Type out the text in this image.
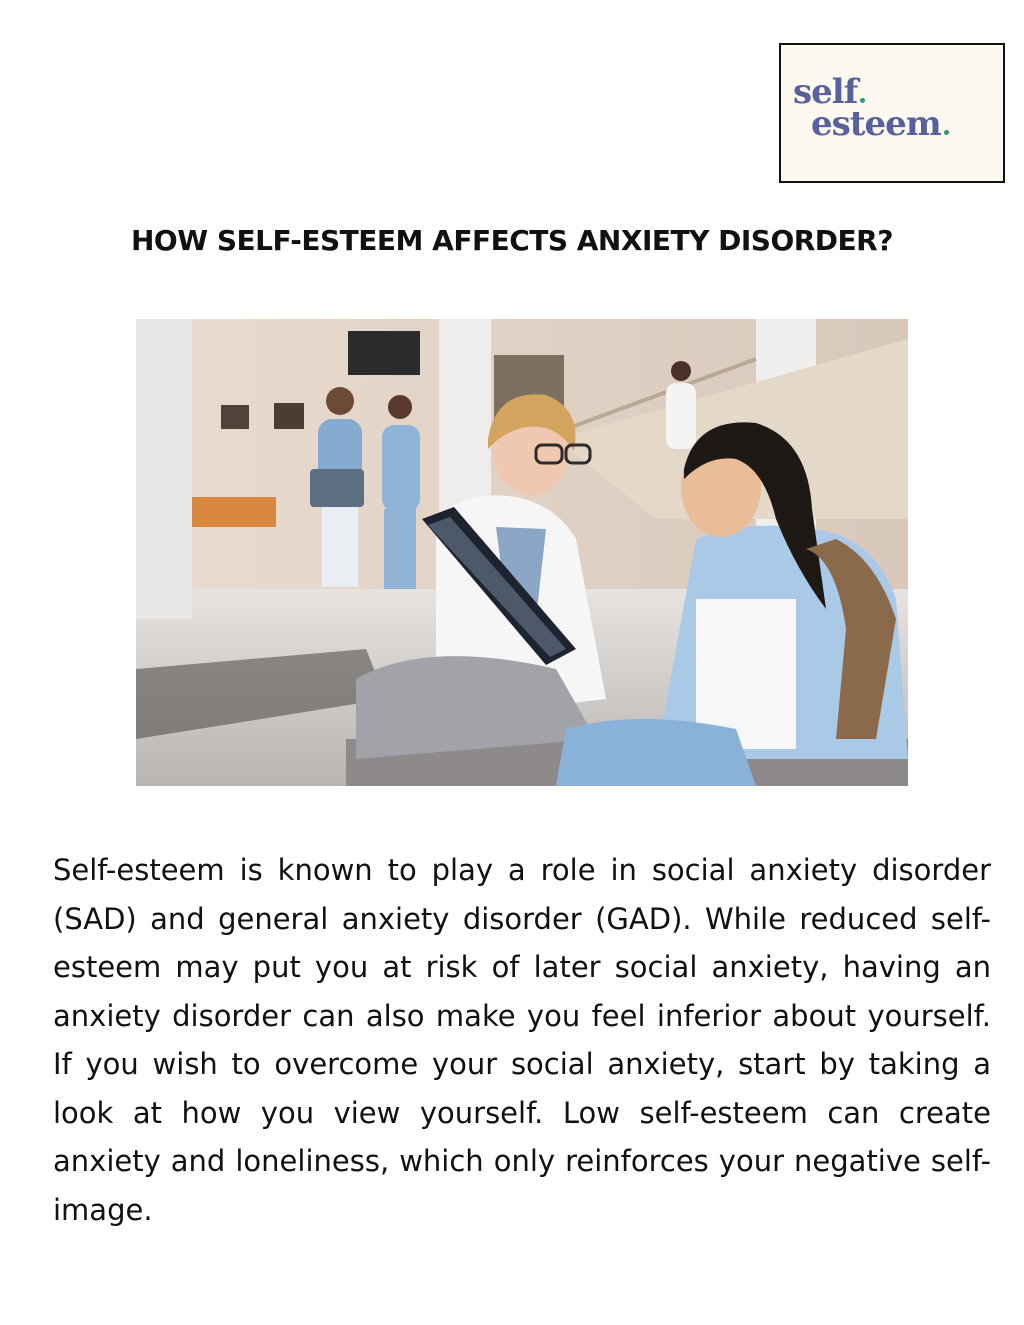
self
esteem
HOW SELF-ESTEEM AFFECTS ANXIETY DISORDER?

Self-esteem is known to play a role in social anxiety disorder (SAD) and general anxiety disorder (GAD). While reduced self-esteem may put you at risk of later social anxiety, having an anxiety disorder can also make you feel inferior about yourself. If you wish to overcome your social anxiety, start by taking a look at how you view yourself. Low self-esteem can create anxiety and loneliness, which only reinforces your negative self-image.
